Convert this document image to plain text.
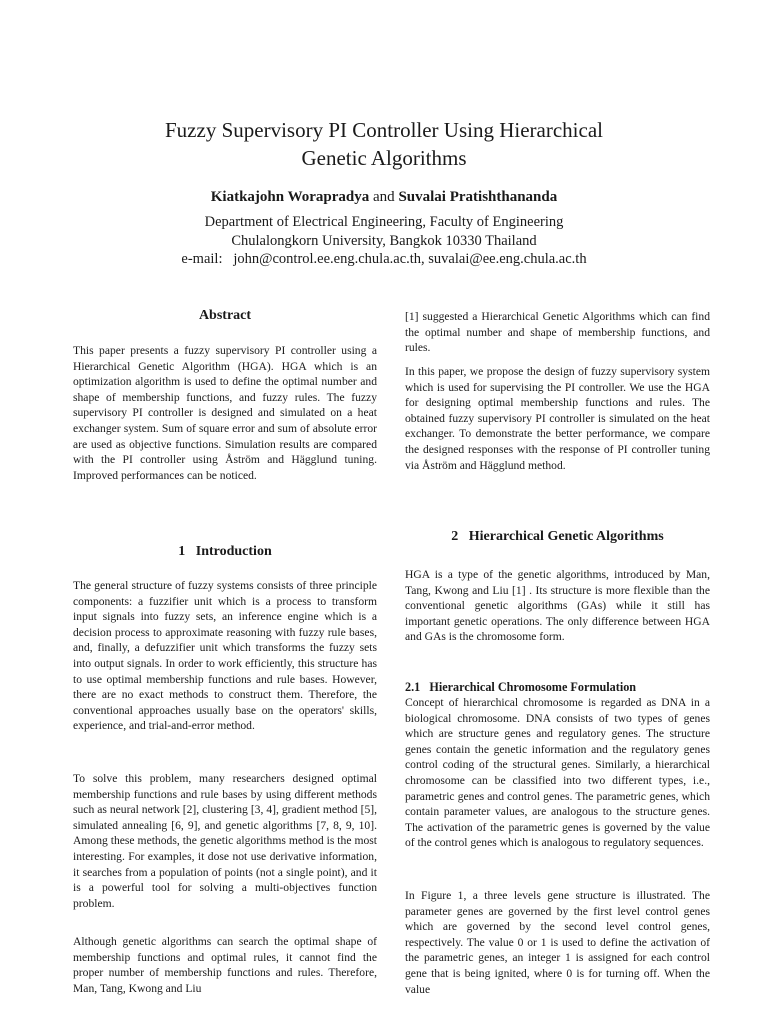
Fuzzy Supervisory PI Controller Using Hierarchical
Genetic Algorithms
Kiatkajohn Worapradya and Suvalai Pratishthananda
Department of Electrical Engineering, Faculty of Engineering
Chulalongkorn University, Bangkok 10330 Thailand
e-mail:   john@control.ee.eng.chula.ac.th, suvalai@ee.eng.chula.ac.th
Abstract
This paper presents a fuzzy supervisory PI controller using a Hierarchical Genetic Algorithm (HGA). HGA which is an optimization algorithm is used to define the optimal number and shape of membership functions, and fuzzy rules. The fuzzy supervisory PI controller is designed and simulated on a heat exchanger system. Sum of square error and sum of absolute error are used as objective functions. Simulation results are compared with the PI controller using Åström and Hägglund tuning. Improved performances can be noticed.
1   Introduction
The general structure of fuzzy systems consists of three principle components: a fuzzifier unit which is a process to transform input signals into fuzzy sets, an inference engine which is a decision process to approximate reasoning with fuzzy rule bases, and, finally, a defuzzifier unit which transforms the fuzzy sets into output signals. In order to work efficiently, this structure has to use optimal membership functions and rule bases. However, there are no exact methods to construct them. Therefore, the conventional approaches usually base on the operators' skills, experience, and trial-and-error method.
To solve this problem, many researchers designed optimal membership functions and rule bases by using different methods such as neural network [2], clustering [3, 4], gradient method [5], simulated annealing [6, 9], and genetic algorithms [7, 8, 9, 10]. Among these methods, the genetic algorithms method is the most interesting. For examples, it dose not use derivative information, it searches from a population of points (not a single point), and it is a powerful tool for solving a multi-objectives function problem.
Although genetic algorithms can search the optimal shape of membership functions and optimal rules, it cannot find the proper number of membership functions and rules. Therefore, Man, Tang, Kwong and Liu
[1] suggested a Hierarchical Genetic Algorithms which can find the optimal number and shape of membership functions, and rules.
In this paper, we propose the design of fuzzy supervisory system which is used for supervising the PI controller. We use the HGA for designing optimal membership functions and rules. The obtained fuzzy supervisory PI controller is simulated on the heat exchanger. To demonstrate the better performance, we compare the designed responses with the response of PI controller tuning via Åström and Hägglund method.
2   Hierarchical Genetic Algorithms
HGA is a type of the genetic algorithms, introduced by Man, Tang, Kwong and Liu [1] . Its structure is more flexible than the conventional genetic algorithms (GAs) while it still has important genetic operations. The only difference between HGA and GAs is the chromosome form.
2.1   Hierarchical Chromosome Formulation
Concept of hierarchical chromosome is regarded as DNA in a biological chromosome. DNA consists of two types of genes which are structure genes and regulatory genes. The structure genes contain the genetic information and the regulatory genes control coding of the structural genes. Similarly, a hierarchical chromosome can be classified into two different types, i.e., parametric genes and control genes. The parametric genes, which contain parameter values, are analogous to the structure genes. The activation of the parametric genes is governed by the value of the control genes which is analogous to regulatory sequences.
In Figure 1, a three levels gene structure is illustrated. The parameter genes are governed by the first level control genes which are governed by the second level control genes, respectively. The value 0 or 1 is used to define the activation of the parametric genes, an integer 1 is assigned for each control gene that is being ignited, where 0 is for turning off. When the value
